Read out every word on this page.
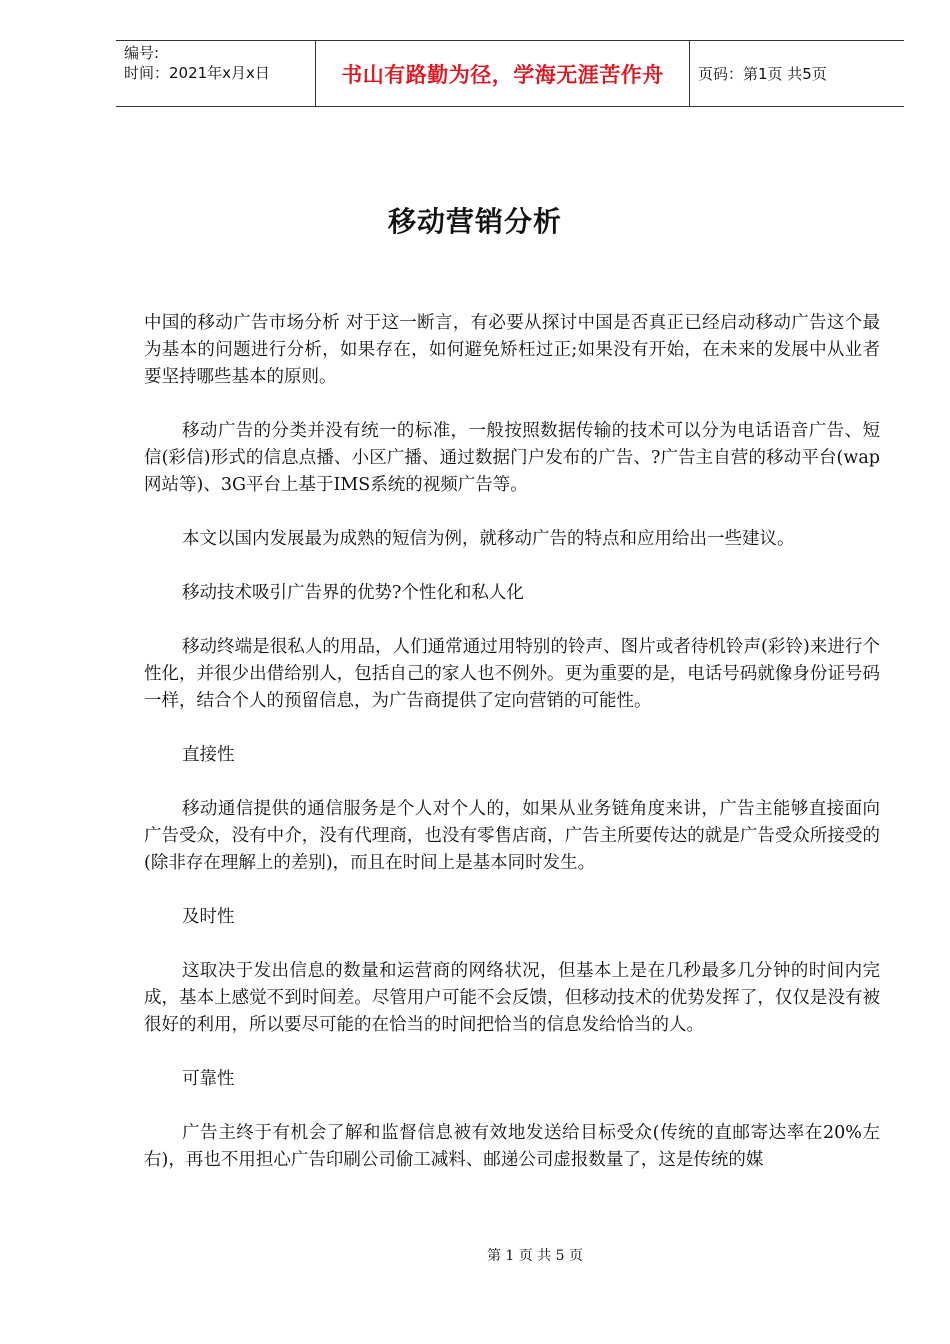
编号:
时间：2021年x月x日	书山有路勤为径，学海无涯苦作舟	页码：第1页 共5页
移动营销分析

中国的移动广告市场分析 对于这一断言，有必要从探讨中国是否真正已经启动移动广告这个最为基本的问题进行分析，如果存在，如何避免矫枉过正;如果没有开始，在未来的发展中从业者要坚持哪些基本的原则。

移动广告的分类并没有统一的标准，一般按照数据传输的技术可以分为电话语音广告、短信(彩信)形式的信息点播、小区广播、通过数据门户发布的广告、?广告主自营的移动平台(wap网站等)、3G平台上基于IMS系统的视频广告等。

本文以国内发展最为成熟的短信为例，就移动广告的特点和应用给出一些建议。

移动技术吸引广告界的优势?个性化和私人化

移动终端是很私人的用品，人们通常通过用特别的铃声、图片或者待机铃声(彩铃)来进行个性化，并很少出借给别人，包括自己的家人也不例外。更为重要的是，电话号码就像身份证号码一样，结合个人的预留信息，为广告商提供了定向营销的可能性。

直接性

移动通信提供的通信服务是个人对个人的，如果从业务链角度来讲，广告主能够直接面向广告受众，没有中介，没有代理商，也没有零售店商，广告主所要传达的就是广告受众所接受的(除非存在理解上的差别)，而且在时间上是基本同时发生。

及时性

这取决于发出信息的数量和运营商的网络状况，但基本上是在几秒最多几分钟的时间内完成，基本上感觉不到时间差。尽管用户可能不会反馈，但移动技术的优势发挥了，仅仅是没有被很好的利用，所以要尽可能的在恰当的时间把恰当的信息发给恰当的人。

可靠性

广告主终于有机会了解和监督信息被有效地发送给目标受众(传统的直邮寄达率在20%左右)，再也不用担心广告印刷公司偷工减料、邮递公司虚报数量了，这是传统的媒

第 1 页 共 5 页
